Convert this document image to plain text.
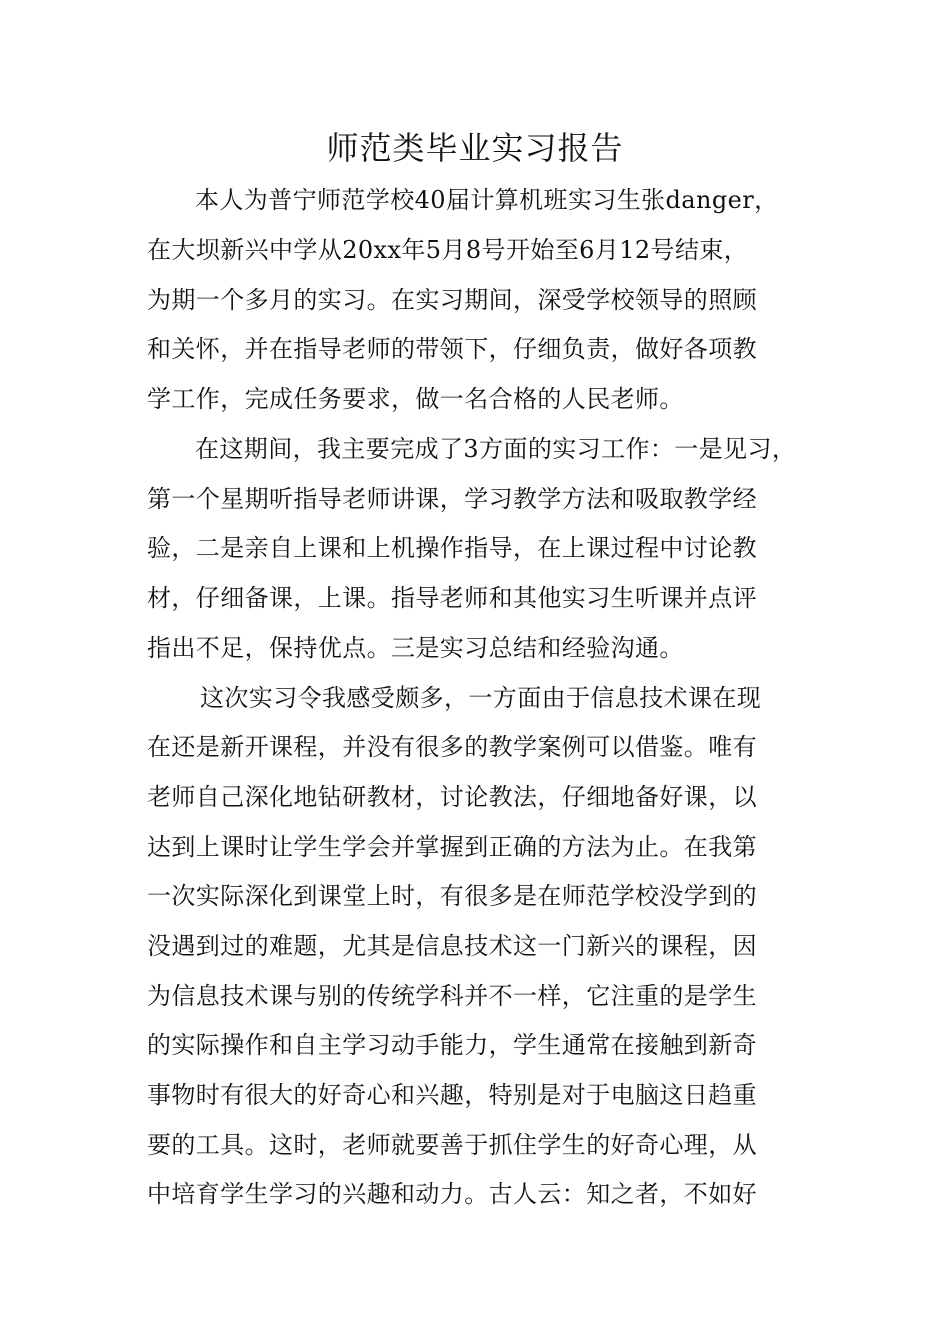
师范类毕业实习报告
本人为普宁师范学校40届计算机班实习生张danger，
在大坝新兴中学从20xx年5月8号开始至6月12号结束，
为期一个多月的实习。在实习期间，深受学校领导的照顾
和关怀，并在指导老师的带领下，仔细负责，做好各项教
学工作，完成任务要求，做一名合格的人民老师。
在这期间，我主要完成了3方面的实习工作：一是见习，
第一个星期听指导老师讲课，学习教学方法和吸取教学经
验，二是亲自上课和上机操作指导，在上课过程中讨论教
材，仔细备课，上课。指导老师和其他实习生听课并点评
指出不足，保持优点。三是实习总结和经验沟通。
这次实习令我感受颇多，一方面由于信息技术课在现
在还是新开课程，并没有很多的教学案例可以借鉴。唯有
老师自己深化地钻研教材，讨论教法，仔细地备好课，以
达到上课时让学生学会并掌握到正确的方法为止。在我第
一次实际深化到课堂上时，有很多是在师范学校没学到的
没遇到过的难题，尤其是信息技术这一门新兴的课程，因
为信息技术课与别的传统学科并不一样，它注重的是学生
的实际操作和自主学习动手能力，学生通常在接触到新奇
事物时有很大的好奇心和兴趣，特别是对于电脑这日趋重
要的工具。这时，老师就要善于抓住学生的好奇心理，从
中培育学生学习的兴趣和动力。古人云：知之者，不如好
